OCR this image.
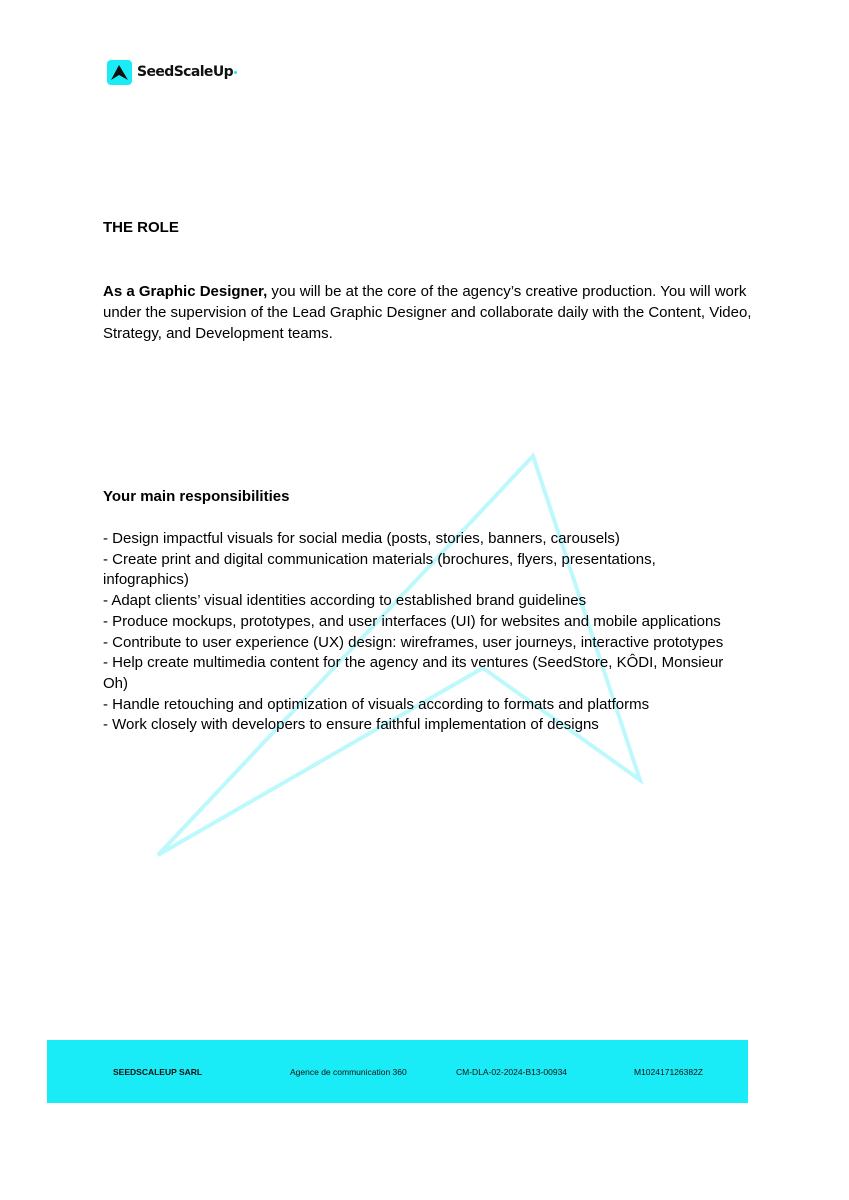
SeedScaleUp
THE ROLE

As a Graphic Designer, you will be at the core of the agency’s creative production. You will work under the supervision of the Lead Graphic Designer and collaborate daily with the Content, Video, Strategy, and Development teams.

Your main responsibilities
- Design impactful visuals for social media (posts, stories, banners, carousels)
- Create print and digital communication materials (brochures, flyers, presentations, infographics)
- Adapt clients’ visual identities according to established brand guidelines
- Produce mockups, prototypes, and user interfaces (UI) for websites and mobile applications
- Contribute to user experience (UX) design: wireframes, user journeys, interactive prototypes
- Help create multimedia content for the agency and its ventures (SeedStore, KÔDI, Monsieur Oh)
- Handle retouching and optimization of visuals according to formats and platforms
- Work closely with developers to ensure faithful implementation of designs
SEEDSCALEUP SARL	Agence de communication 360	CM-DLA-02-2024-B13-00934	M102417126382Z
